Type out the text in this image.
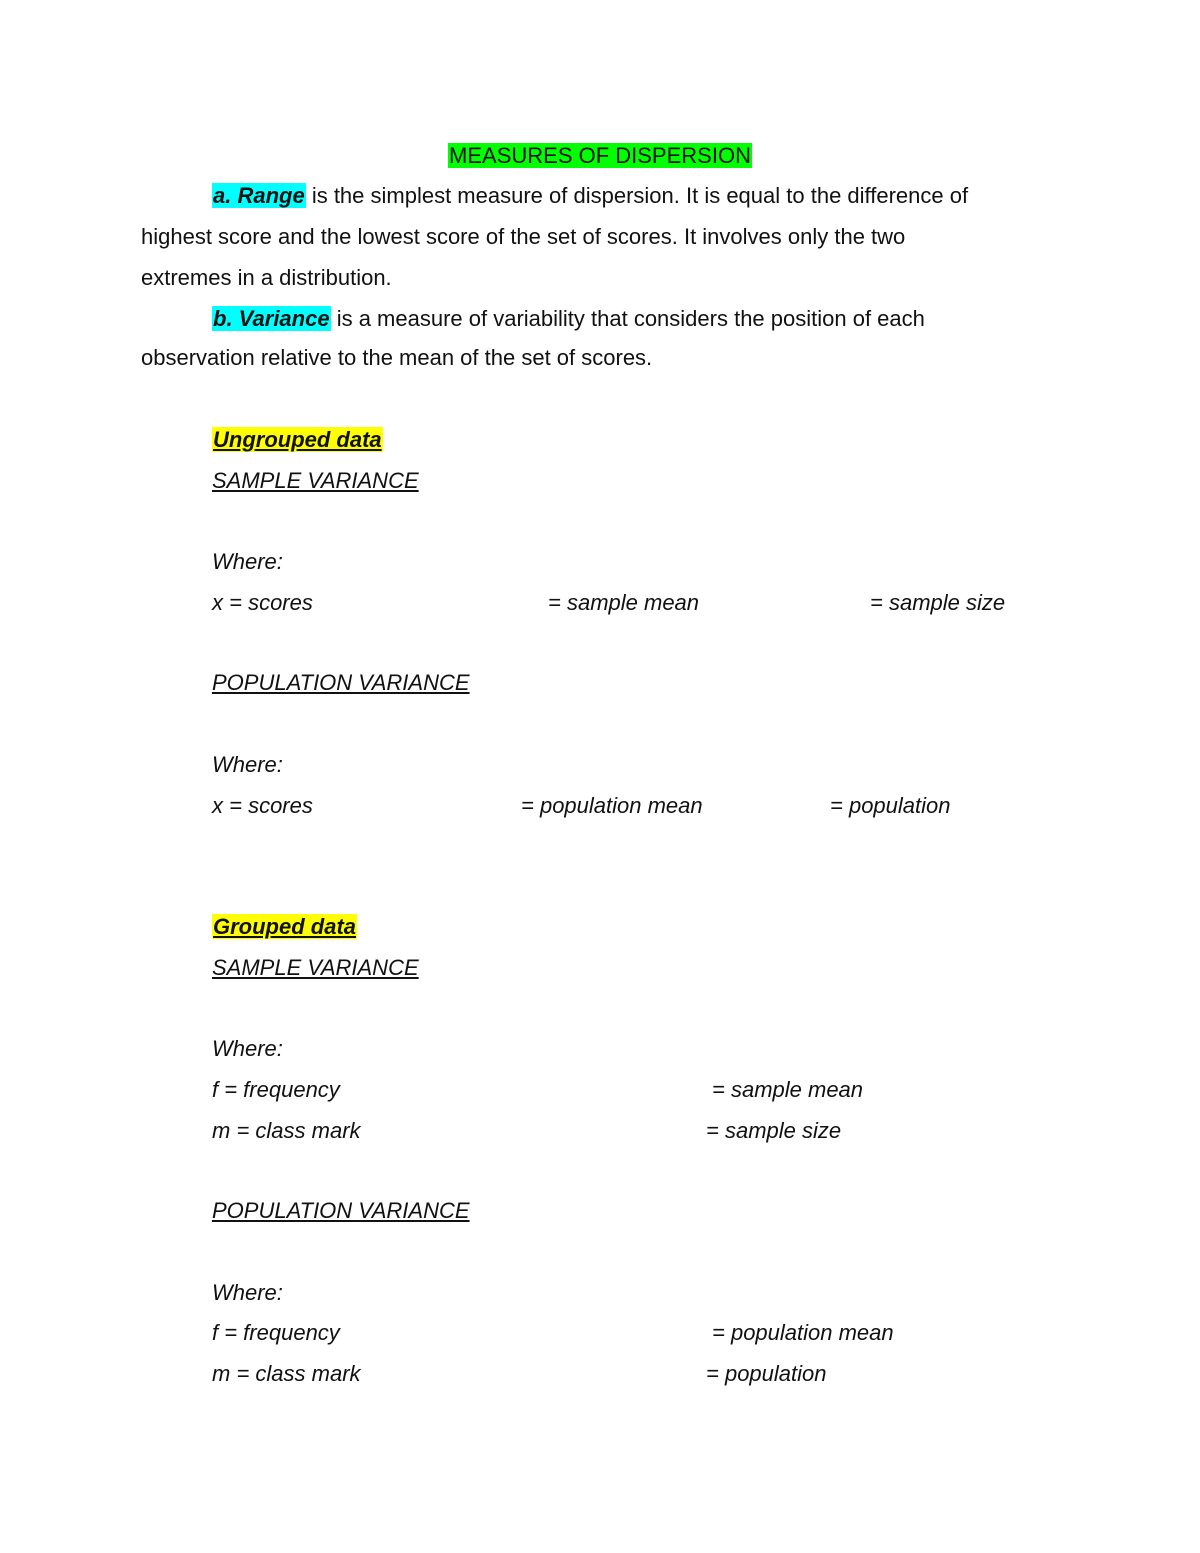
MEASURES OF DISPERSION
a. Range is the simplest measure of dispersion. It is equal to the difference of
highest score and the lowest score of the set of scores. It involves only the two
extremes in a distribution.
b. Variance is a measure of variability that considers the position of each
observation relative to the mean of the set of scores.
Ungrouped data
SAMPLE VARIANCE
Where:
x = scores	= sample mean	= sample size
POPULATION VARIANCE
Where:
x = scores	= population mean	= population
Grouped data
SAMPLE VARIANCE
Where:
f = frequency	= sample mean
m = class mark	= sample size
POPULATION VARIANCE
Where:
f = frequency	= population mean
m = class mark	= population
